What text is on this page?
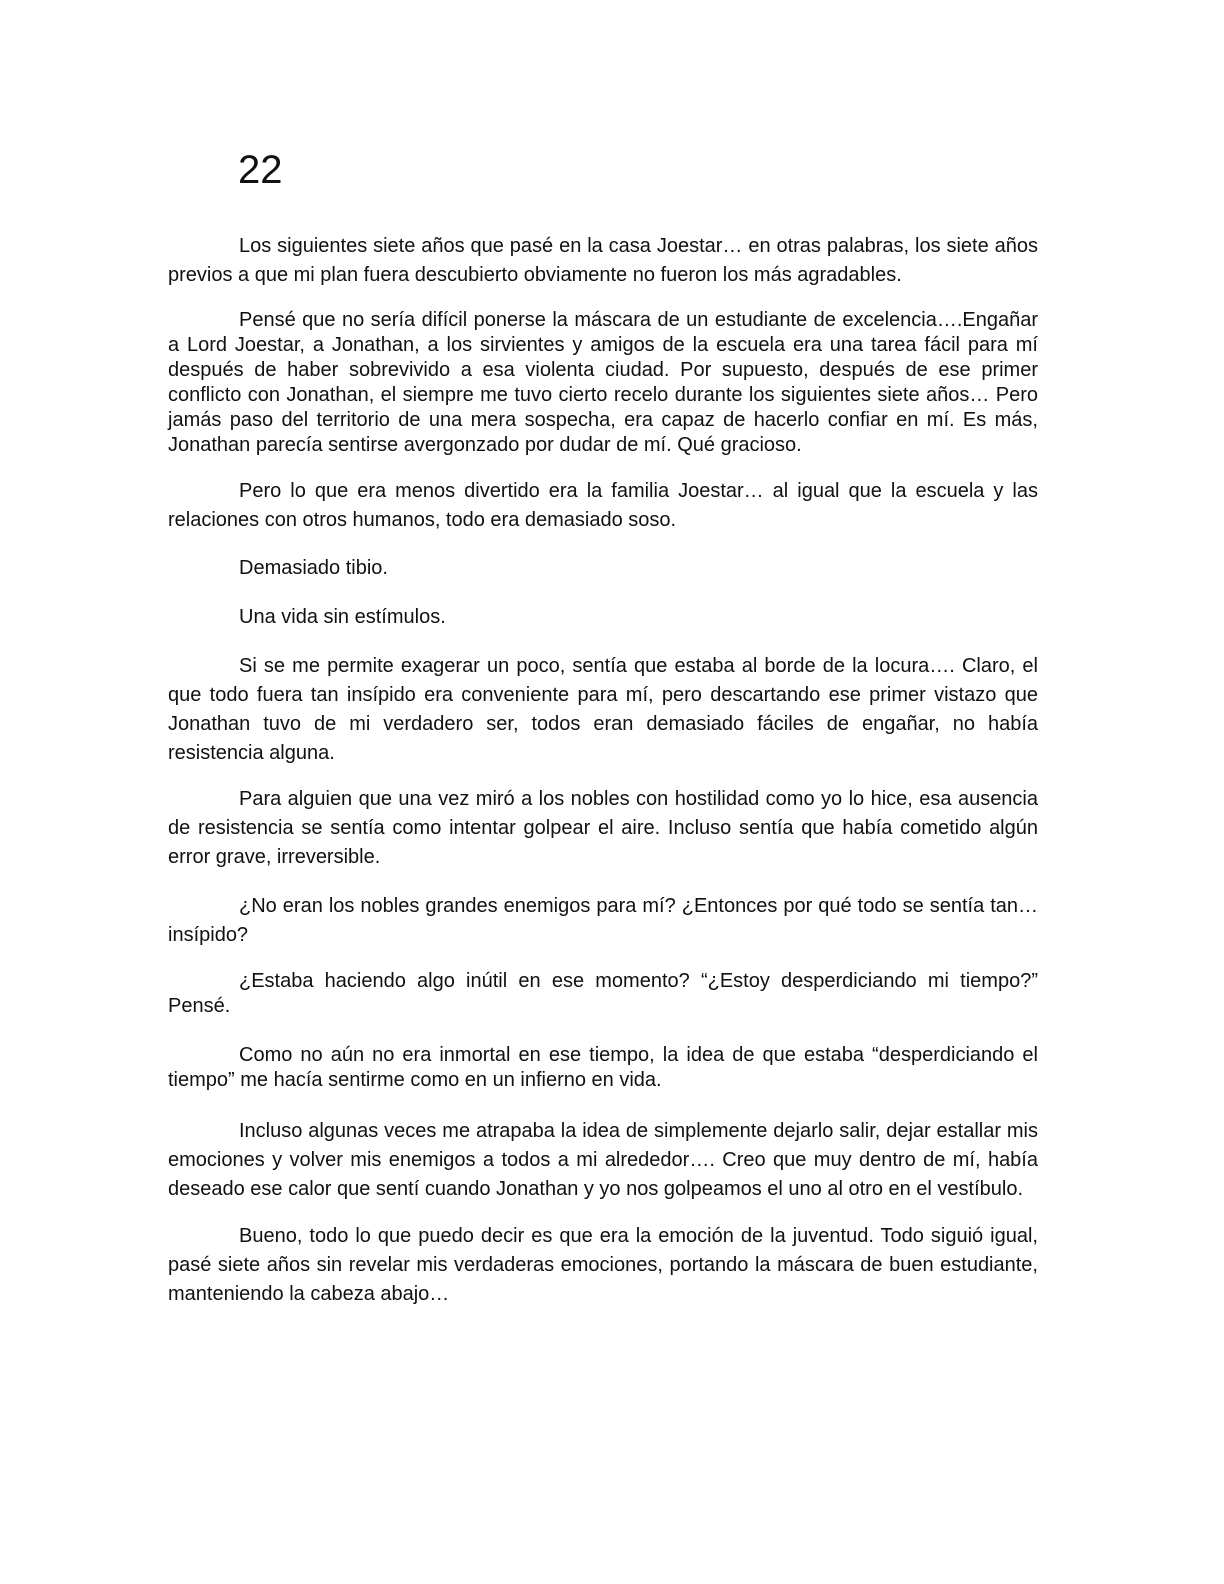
22

Los siguientes siete años que pasé en la casa Joestar… en otras palabras, los siete años previos a que mi plan fuera descubierto obviamente no fueron los más agradables.

Pensé que no sería difícil ponerse la máscara de un estudiante de excelencia….Engañar a Lord Joestar, a Jonathan, a los sirvientes y amigos de la escuela era una tarea fácil para mí después de haber sobrevivido a esa violenta ciudad. Por supuesto, después de ese primer conflicto con Jonathan, el siempre me tuvo cierto recelo durante los siguientes siete años… Pero jamás paso del territorio de una mera sospecha, era capaz de hacerlo confiar en mí. Es más, Jonathan parecía sentirse avergonzado por dudar de mí. Qué gracioso.

Pero lo que era menos divertido era la familia Joestar… al igual que la escuela y las relaciones con otros humanos, todo era demasiado soso.

Demasiado tibio.

Una vida sin estímulos.

Si se me permite exagerar un poco, sentía que estaba al borde de la locura…. Claro, el que todo fuera tan insípido era conveniente para mí, pero descartando ese primer vistazo que Jonathan tuvo de mi verdadero ser, todos eran demasiado fáciles de engañar, no había resistencia alguna.

Para alguien que una vez miró a los nobles con hostilidad como yo lo hice, esa ausencia de resistencia se sentía como intentar golpear el aire. Incluso sentía que había cometido algún error grave, irreversible.

¿No eran los nobles grandes enemigos para mí? ¿Entonces por qué todo se sentía tan… insípido?

¿Estaba haciendo algo inútil en ese momento? “¿Estoy desperdiciando mi tiempo?” Pensé.

Como no aún no era inmortal en ese tiempo, la idea de que estaba “desperdiciando el tiempo” me hacía sentirme como en un infierno en vida.

Incluso algunas veces me atrapaba la idea de simplemente dejarlo salir, dejar estallar mis emociones y volver mis enemigos a todos a mi alrededor…. Creo que muy dentro de mí, había deseado ese calor que sentí cuando Jonathan y yo nos golpeamos el uno al otro en el vestíbulo.

Bueno, todo lo que puedo decir es que era la emoción de la juventud. Todo siguió igual, pasé siete años sin revelar mis verdaderas emociones, portando la máscara de buen estudiante, manteniendo la cabeza abajo…
